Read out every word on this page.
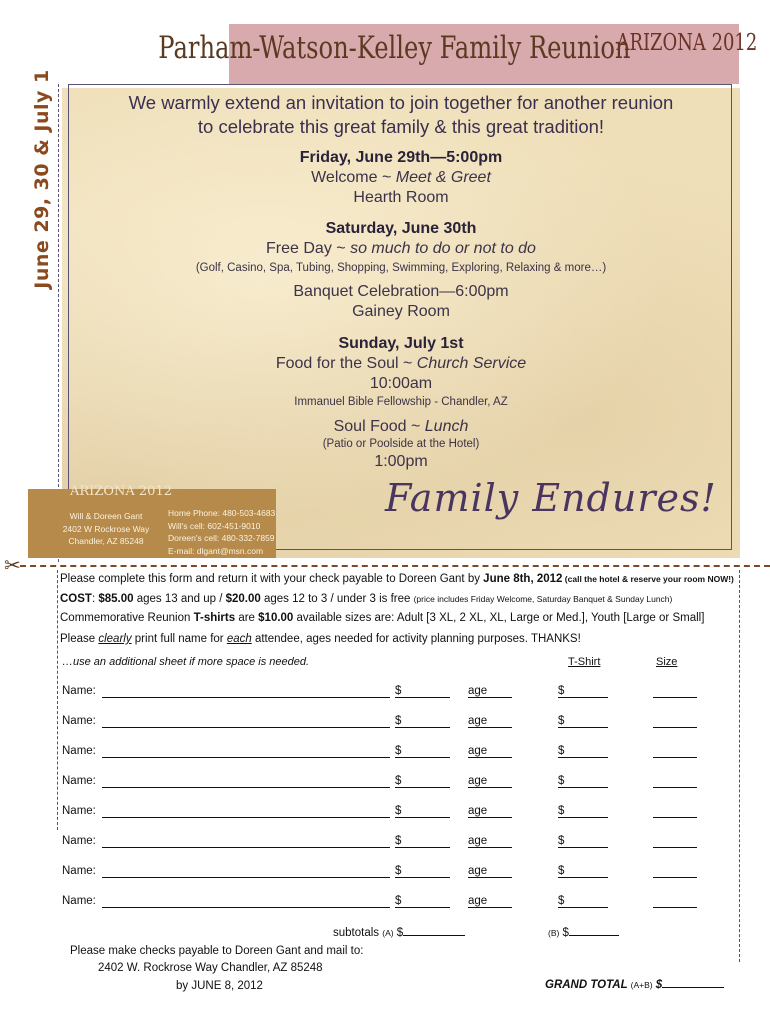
Parham-Watson-Kelley Family Reunion
ARIZONA 2012
June 29, 30 & July 1	We warmly extend an invitation to join together for another reunion
to celebrate this great family & this great tradition!
Friday, June 29th—5:00pm
Welcome ~ Meet & Greet
Hearth Room
Saturday, June 30th
Free Day ~ so much to do or not to do
(Golf, Casino, Spa, Tubing, Shopping, Swimming, Exploring, Relaxing & more…)
Banquet Celebration—6:00pm
Gainey Room
Sunday, July 1st
Food for the Soul ~ Church Service
10:00am
Immanuel Bible Fellowship - Chandler, AZ
Soul Food ~ Lunch
(Patio or Poolside at the Hotel)
1:00pm
ARIZONA 2012
Will & Doreen Gant
2402 W Rockrose Way
Chandler, AZ 85248
Home Phone: 480-503-4683
Will's cell: 602-451-9010
Doreen's cell: 480-332-7859
E-mail: dlgant@msn.com
Family Endures!
✂
Please complete this form and return it with your check payable to Doreen Gant by June 8th, 2012 (call the hotel & reserve your room NOW!)
COST: $85.00 ages 13 and up / $20.00 ages 12 to 3 / under 3 is free (price includes Friday Welcome, Saturday Banquet & Sunday Lunch)
Commemorative Reunion T-shirts are $10.00 available sizes are: Adult [3 XL, 2 XL, XL, Large or Med.], Youth [Large or Small]
Please clearly print full name for each attendee, ages needed for activity planning purposes. THANKS!
…use an additional sheet if more space is needed.	T-Shirt	Size
Name:	$	age	$
Name:	$	age	$
Name:	$	age	$
Name:	$	age	$
Name:	$	age	$
Name:	$	age	$
Name:	$	age	$
Name:	$	age	$
subtotals (A) $	(B) $
Please make checks payable to Doreen Gant and mail to:
2402 W. Rockrose Way Chandler, AZ 85248
by JUNE 8, 2012	GRAND TOTAL (A+B) $
